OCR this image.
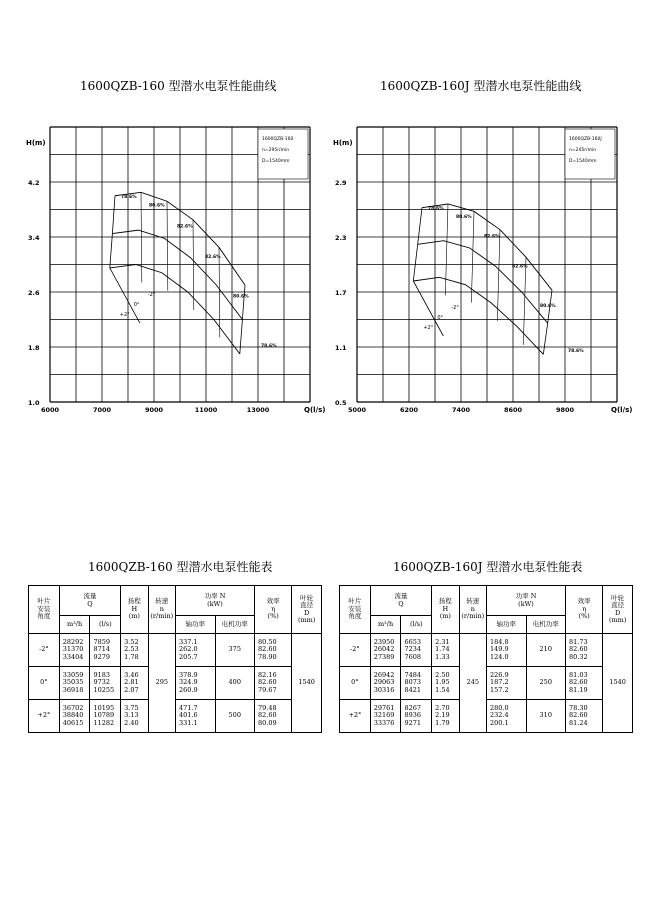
1600QZB-160 型潜水电泵性能曲线	1600QZB-160J 型潜水电泵性能曲线
4.2
3.4
2.6
1.8
1.0
6000	7000	9000	11000	13000
H(m)
Q(l/s)
1600QZB-160
n=295r/min
D=1540mm
78.6%
80.6%
82.6%
82.6%
80.6%
78.6%
+2°
0°
-2°
2.9
2.3
1.7
1.1
0.5
5000	6200	7400	8600	9800
H(m)
Q(l/s)
1600QZB-160J
n=245r/min
D=1540mm
78.6%
80.6%
82.6%
82.6%
80.6%
78.6%
+2°
0°
-2°
1600QZB-160 型潜水电泵性能表	1600QZB-160J 型潜水电泵性能表
叶片
安装
角度	流量
Q		扬程
H
(m)	转速
n
(r/min)	功率 N
(kW)		效率
η
(%)	叶轮
直径
D
(mm)

	m³/h	(l/s)			轴功率	电机功率		
-2°	28292
31370
33404	7859
8714
9279	3.52
2.53
1.78	295	337.1
262.0
205.7	375	80.50
82.60
78.90	1540
0°	33059
35035
36918	9183
9732
10255	3.46
2.81
2.07		378.9
324.9
260.9	400	82.16
82.60
79.67	

+2°	36702
38840
40615	10195
10789
11282	3.75
3.13
2.40		471.7
401.6
331.1	500	79.48
82.60
80.09	
叶片
安装
角度	流量
Q		扬程
H
(m)	转速
n
(r/min)	功率 N
(kW)		效率
η
(%)	叶轮
直径
D
(mm)

	m³/h	(l/s)			轴功率	电机功率		
-2°	23950
26042
27389	6653
7234
7608	2.31
1.74
1.33	245	184.8
149.9
124.0	210	81.73
82.60
80.32	1540
0°	26942
29063
30316	7484
8073
8421	2.50
1.95
1.54		226.9
187.2
157.2	250	81.03
82.60
81.19	

+2°	29761
32169
33376	8267
8936
9271	2.70
2.19
1.79		280.0
232.4
200.1	310	78.30
82.60
81.24	
